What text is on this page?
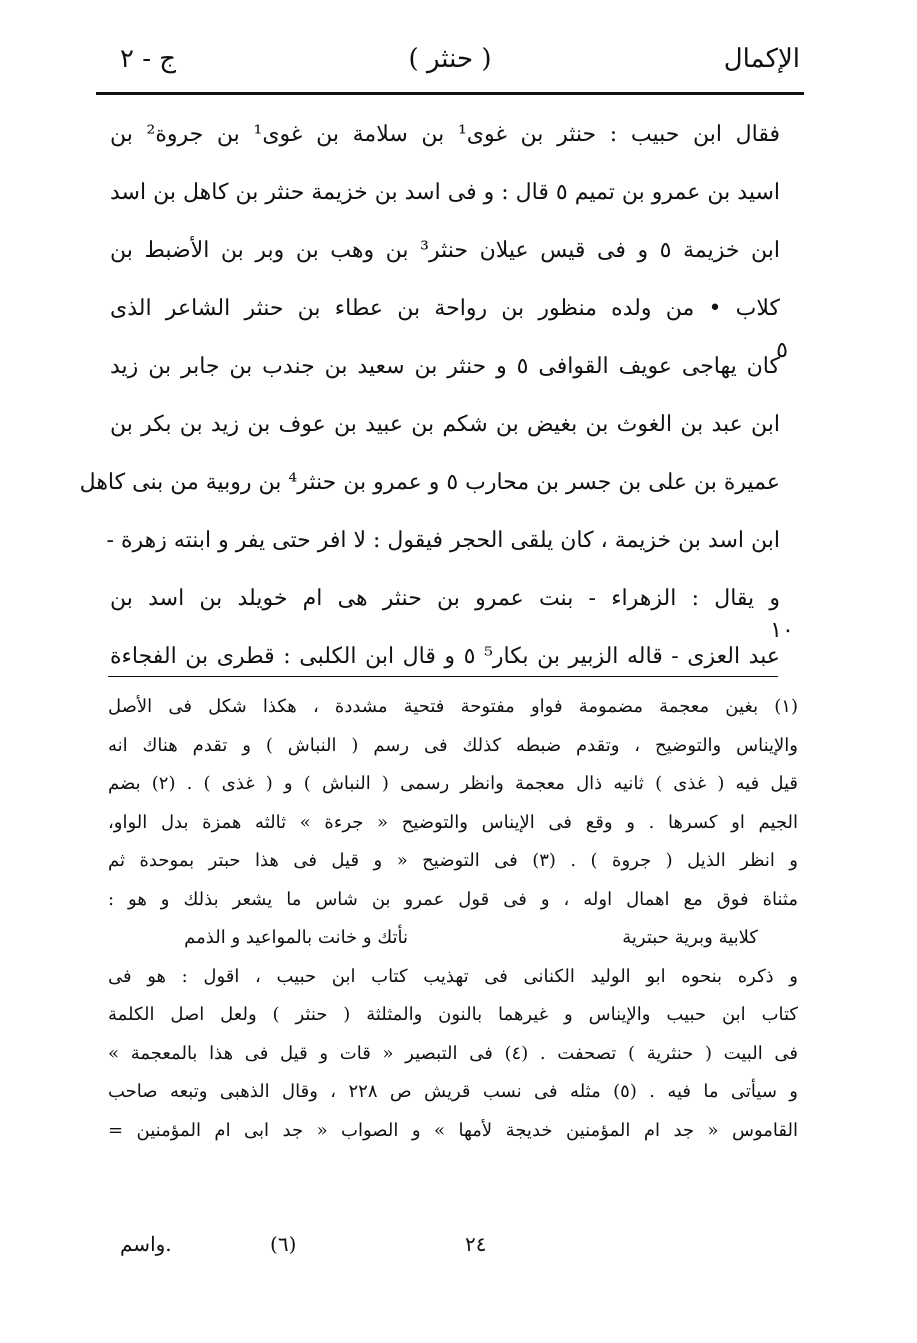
الإكمال
( حنثر )
ج - ٢
فقال ابن حبيب : حنثر بن غوى¹ بن سلامة بن غوى¹ بن جروة² بن
اسيد بن عمرو بن تميم ٥ قال : و فى اسد بن خزيمة حنثر بن كاهل بن اسد
ابن خزيمة ٥ و فى قيس عيلان حنثر³ بن وهب بن وبر بن الأضبط بن
كلاب • من ولده منظور بن رواحة بن عطاء بن حنثر الشاعر الذى
كان يهاجى عويف القوافى ٥ و حنثر بن سعيد بن جندب بن جابر بن زيد
ابن عبد بن الغوث بن بغيض بن شكم بن عبيد بن عوف بن زيد بن بكر بن
عميرة بن على بن جسر بن محارب ٥ و عمرو بن حنثر⁴ بن روبية من بنى كاهل
ابن اسد بن خزيمة ، كان يلقى الحجر فيقول : لا افر حتى يفر و ابنته زهرة -
و يقال : الزهراء - بنت عمرو بن حنثر هى ام خويلد بن اسد بن
عبد العزى - قاله الزبير بن بكار⁵ ٥ و قال ابن الكلبى : قطرى بن الفجاءة
٥
١٠
(١) بغين معجمة مضمومة فواو مفتوحة فتحية مشددة ، هكذا شكل فى الأصل
والإيناس والتوضيح ، وتقدم ضبطه كذلك فى رسم ( النباش ) و تقدم هناك انه
قيل فيه ( غذى ) ثانيه ذال معجمة وانظر رسمى ( النباش ) و ( غذى ) . (٢) بضم
الجيم او كسرها . و وقع فى الإيناس والتوضيح « جرءة » ثالثه همزة بدل الواو،
و انظر الذيل ( جروة ) . (٣) فى التوضيح « و قيل فى هذا حبتر بموحدة ثم
مثناة فوق مع اهمال اوله ، و فى قول عمرو بن شاس ما يشعر بذلك و هو :
كلابية وبرية حبترية
نأتك و خانت بالمواعيد و الذمم
و ذكره بنحوه ابو الوليد الكنانى فى تهذيب كتاب ابن حبيب ، اقول : هو فى
كتاب ابن حبيب والإيناس و غيرهما بالنون والمثلثة ( حنثر ) ولعل اصل الكلمة
فى البيت ( حنثرية ) تصحفت . (٤) فى التبصير « قات و قيل فى هذا بالمعجمة »
و سيأتى ما فيه . (٥) مثله فى نسب قريش ص ٢٢٨ ، وقال الذهبى وتبعه صاحب
القاموس « جد ام المؤمنين خديجة لأمها » و الصواب « جد ابى ام المؤمنين =
٢٤
(٦)
واسم.
